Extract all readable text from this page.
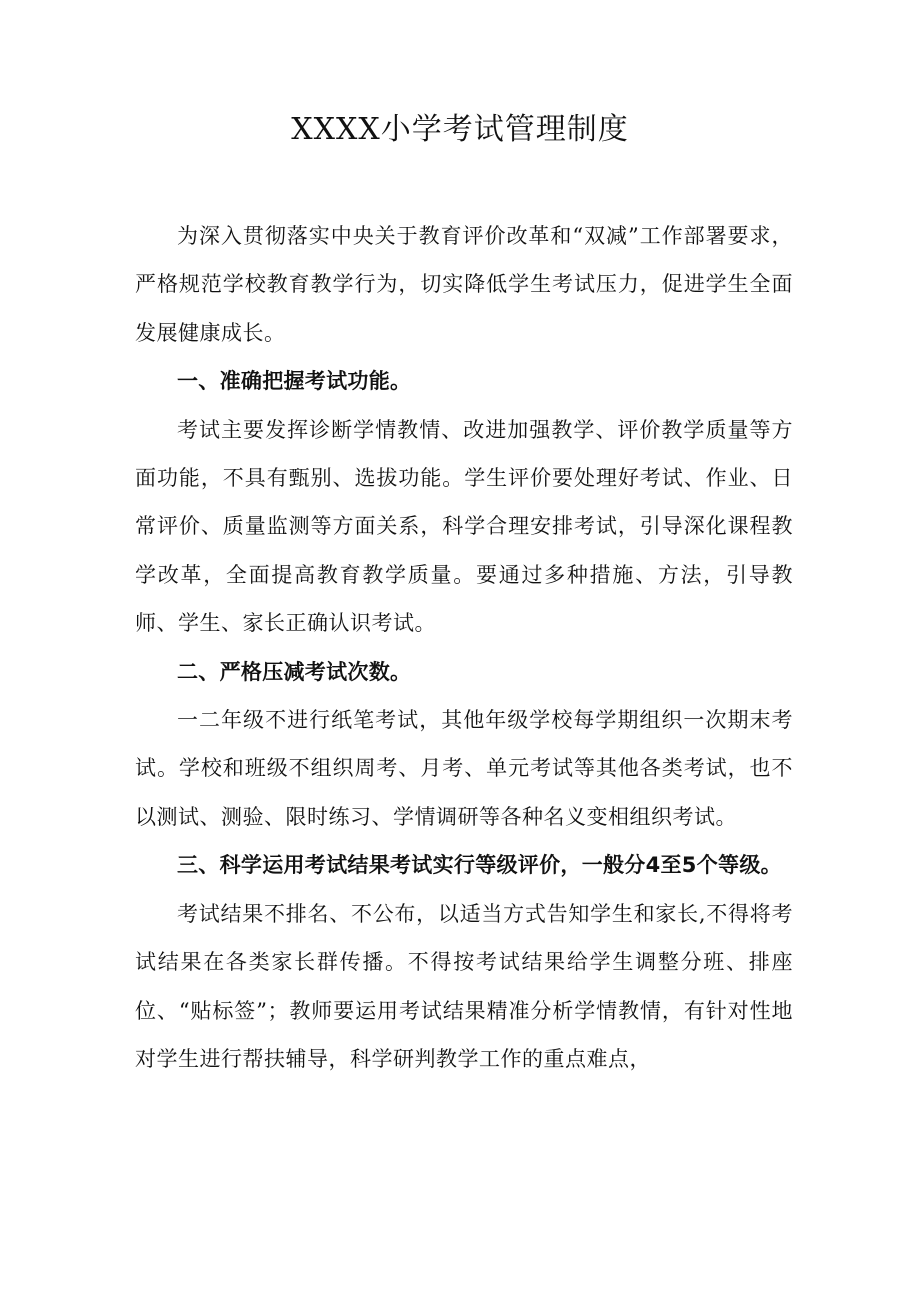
XXXX小学考试管理制度

为深入贯彻落实中央关于教育评价改革和“双减”工作部署要求，严格规范学校教育教学行为，切实降低学生考试压力，促进学生全面发展健康成长。

一、准确把握考试功能。

考试主要发挥诊断学情教情、改进加强教学、评价教学质量等方面功能，不具有甄别、选拔功能。学生评价要处理好考试、作业、日常评价、质量监测等方面关系，科学合理安排考试，引导深化课程教学改革，全面提高教育教学质量。要通过多种措施、方法，引导教师、学生、家长正确认识考试。

二、严格压减考试次数。

一二年级不进行纸笔考试，其他年级学校每学期组织一次期末考试。学校和班级不组织周考、月考、单元考试等其他各类考试，也不以测试、测验、限时练习、学情调研等各种名义变相组织考试。

三、科学运用考试结果考试实行等级评价，一般分4至5个等级。

考试结果不排名、不公布，以适当方式告知学生和家长,不得将考试结果在各类家长群传播。不得按考试结果给学生调整分班、排座位、“贴标签”；教师要运用考试结果精准分析学情教情，有针对性地对学生进行帮扶辅导，科学研判教学工作的重点难点，
